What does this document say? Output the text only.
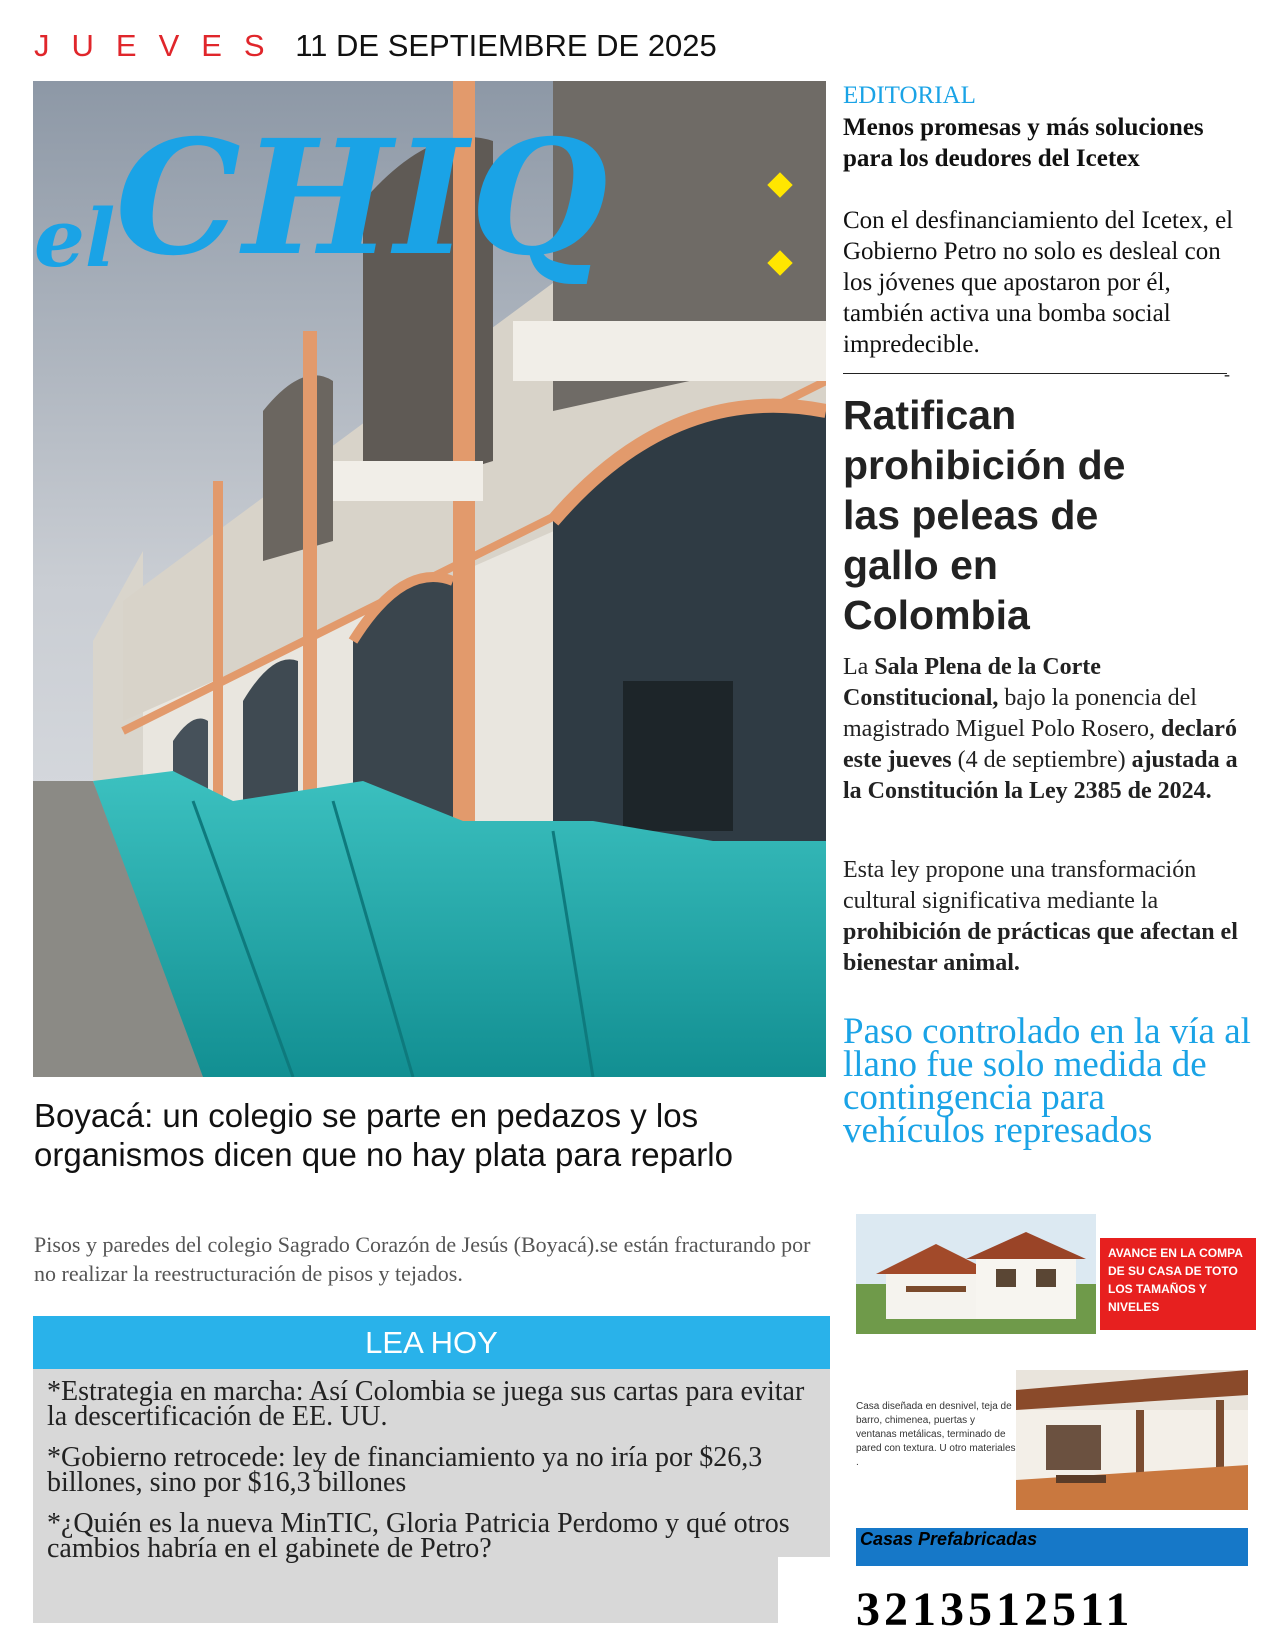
JUEVES 11 DE SEPTIEMBRE DE 2025
elCHIQ
Boyacá: un colegio se parte en pedazos y los organismos dicen que no hay plata para reparlo
Pisos y paredes del colegio Sagrado Corazón de Jesús (Boyacá).se están fracturando por no realizar la reestructuración de pisos y tejados.
LEA HOY
*Estrategia en marcha: Así Colombia se juega sus cartas para evitar la descertificación de EE. UU.
*Gobierno retrocede: ley de financiamiento ya no iría por $26,3 billones, sino por $16,3 billones
*¿Quién es la nueva MinTIC, Gloria Patricia Perdomo y qué otros cambios habría en el gabinete de Petro?
EDITORIAL
Menos promesas y más soluciones para los deudores del Icetex
Con el desfinanciamiento del Icetex, el Gobierno Petro no solo es desleal con los jóvenes que apostaron por él, también activa una bomba social impredecible.
-
Ratifican
prohibición de
las peleas de
gallo en
Colombia
La Sala Plena de la Corte Constitucional, bajo la ponencia del magistrado Miguel Polo Rosero, declaró este jueves (4 de septiembre) ajustada a la Constitución la Ley 2385 de 2024.
Esta ley propone una transformación cultural significativa mediante la prohibición de prácticas que afectan el bienestar animal.
Paso controlado en la vía al llano fue solo medida de contingencia para vehículos represados
AVANCE EN LA COMPA DE SU CASA DE TOTO LOS TAMAÑOS Y NIVELES
Casa diseñada en desnivel, teja de barro, chimenea, puertas y ventanas metálicas, terminado de pared con textura. U otro materiales .
Casas Prefabricadas
3213512511
